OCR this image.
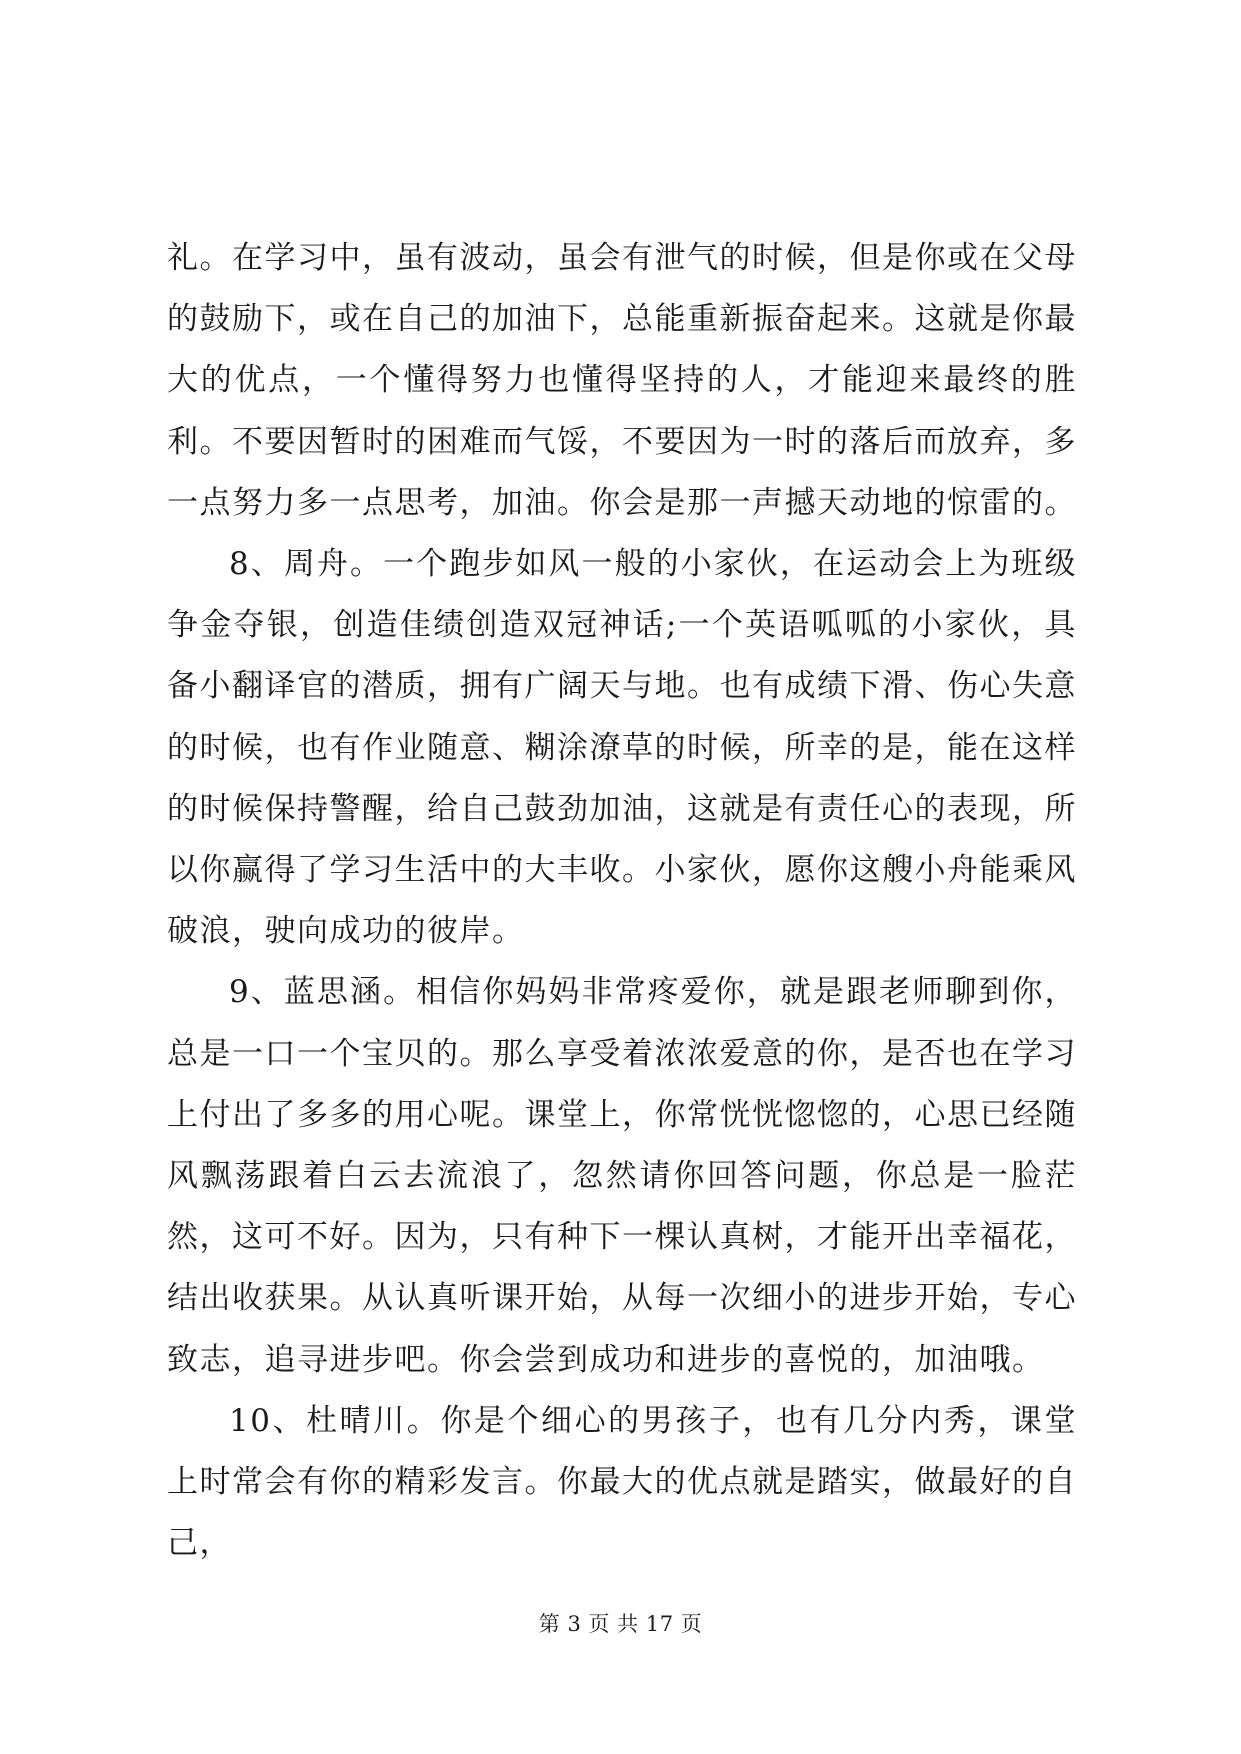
礼。在学习中，虽有波动，虽会有泄气的时候，但是你或在父母的鼓励下，或在自己的加油下，总能重新振奋起来。这就是你最大的优点，一个懂得努力也懂得坚持的人，才能迎来最终的胜利。不要因暂时的困难而气馁，不要因为一时的落后而放弃，多一点努力多一点思考，加油。你会是那一声撼天动地的惊雷的。

8、周舟。一个跑步如风一般的小家伙，在运动会上为班级争金夺银，创造佳绩创造双冠神话;一个英语呱呱的小家伙，具备小翻译官的潜质，拥有广阔天与地。也有成绩下滑、伤心失意的时候，也有作业随意、糊涂潦草的时候，所幸的是，能在这样的时候保持警醒，给自己鼓劲加油，这就是有责任心的表现，所以你赢得了学习生活中的大丰收。小家伙，愿你这艘小舟能乘风破浪，驶向成功的彼岸。

9、蓝思涵。相信你妈妈非常疼爱你，就是跟老师聊到你，总是一口一个宝贝的。那么享受着浓浓爱意的你，是否也在学习上付出了多多的用心呢。课堂上，你常恍恍惚惚的，心思已经随风飘荡跟着白云去流浪了，忽然请你回答问题，你总是一脸茫然，这可不好。因为，只有种下一棵认真树，才能开出幸福花，结出收获果。从认真听课开始，从每一次细小的进步开始，专心致志，追寻进步吧。你会尝到成功和进步的喜悦的，加油哦。

10、杜晴川。你是个细心的男孩子，也有几分内秀，课堂上时常会有你的精彩发言。你最大的优点就是踏实，做最好的自己，

第 3 页 共 17 页
